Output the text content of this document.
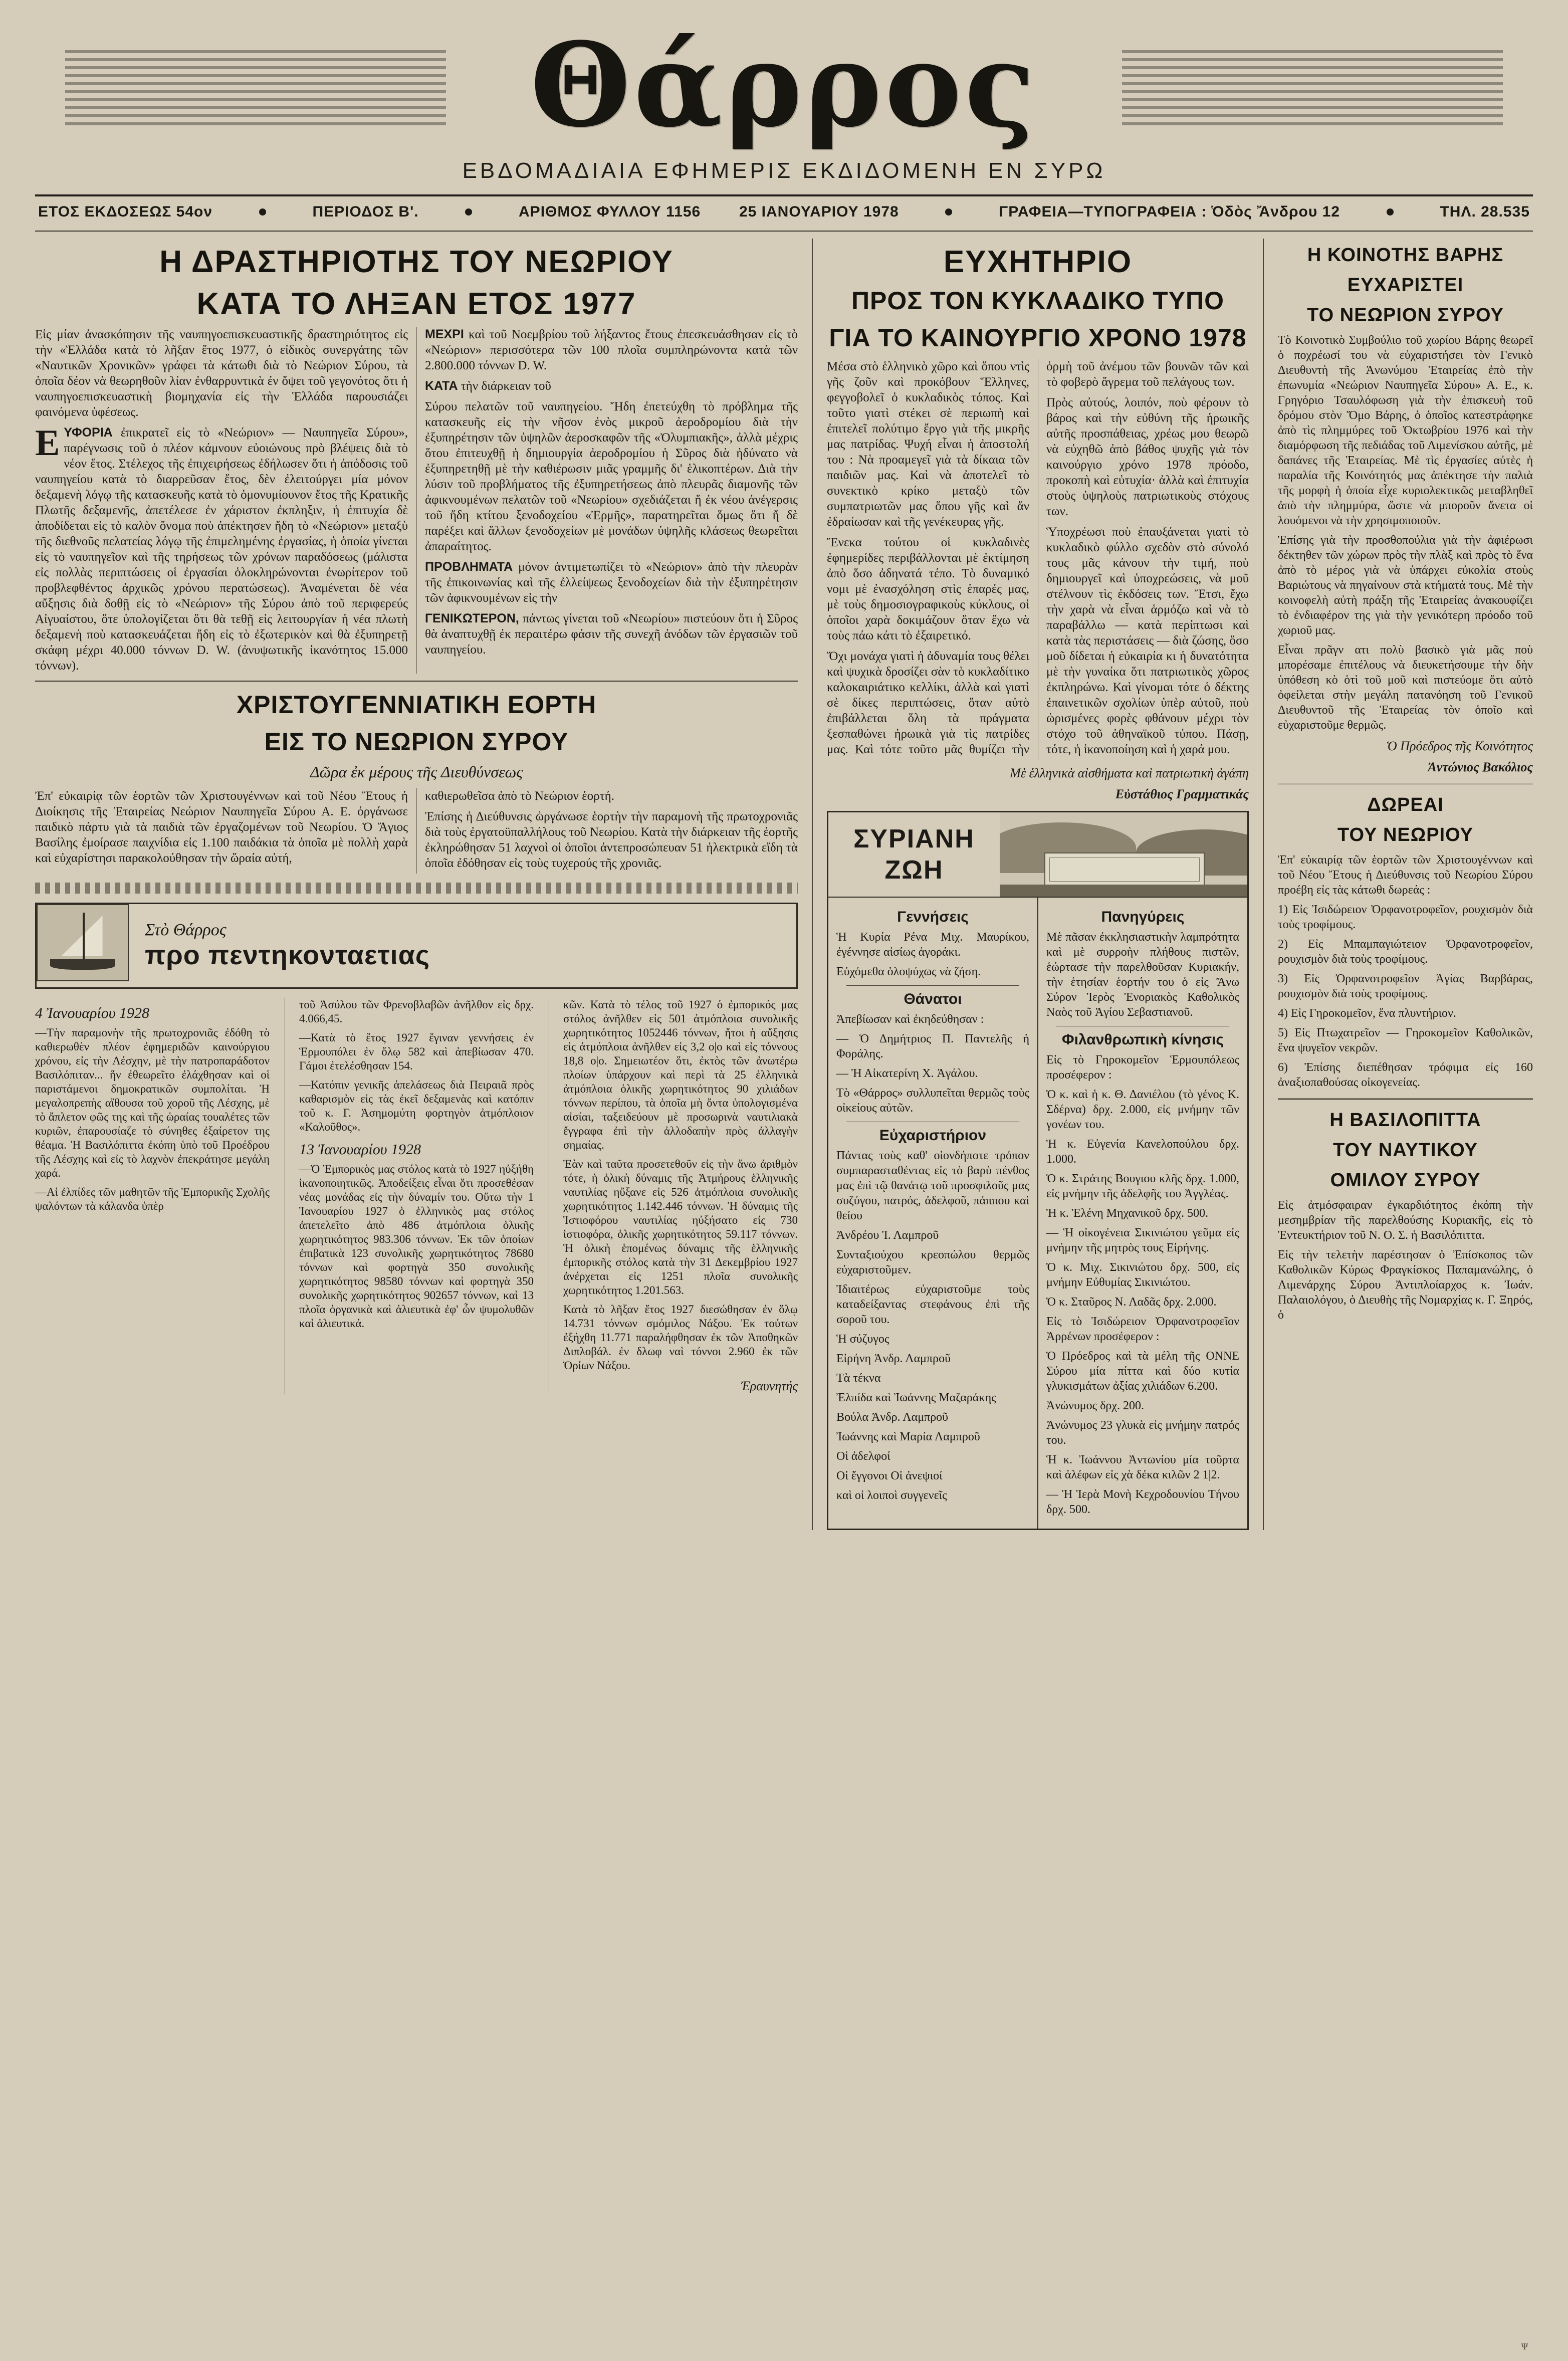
Θάρρος
ΕΒΔΟΜΑΔΙΑΙΑ ΕΦΗΜΕΡΙΣ ΕΚΔΙΔΟΜΕΝΗ ΕΝ ΣΥΡΩ
ΕΤΟΣ ΕΚΔΟΣΕΩΣ 54ον	ΠΕΡΙΟΔΟΣ Β'.	ΑΡΙΘΜΟΣ ΦΥΛΛΟΥ 1156	25 ΙΑΝΟΥΑΡΙΟΥ 1978	ΓΡΑΦΕΙΑ—ΤΥΠΟΓΡΑΦΕΙΑ : Ὁδὸς Ἄνδρου 12	ΤΗΛ. 28.535
Η ΔΡΑΣΤΗΡΙΟΤΗΣ ΤΟΥ ΝΕΩΡΙΟΥ
ΚΑΤΑ ΤΟ ΛΗΞΑΝ ΕΤΟΣ 1977

Εἰς μίαν ἀνασκόπησιν τῆς ναυπηγοεπισκευαστικῆς δραστηριότητος εἰς τὴν «Ἑλλάδα κατὰ τὸ λῆξαν ἔτος 1977, ὁ εἰδικὸς συνεργάτης τῶν «Ναυτικῶν Χρονικῶν» γράφει τὰ κάτωθι διὰ τὸ Νεώριον Σύρου, τὰ ὁποῖα δέον νὰ θεωρηθοῦν λίαν ἐνθαρρυντικὰ ἐν ὄψει τοῦ γεγονότος ὅτι ἡ ναυπηγοεπισκευαστικὴ βιομηχανία εἰς τὴν Ἑλλάδα παρουσιάζει φαινόμενα ὑφέσεως.

ΕΥΦΟΡΙΑ ἐπικρατεῖ εἰς τὸ «Νεώριον» — Ναυπηγεῖα Σύρου», παρέγνωσις τοῦ ὁ πλέον κάμνουν εὐοιώνους πρὸ βλέψεις διὰ τὸ νέον ἔτος. Στέλεχος τῆς ἐπιχειρήσεως ἐδήλωσεν ὅτι ἡ ἀπόδοσις τοῦ ναυπηγείου κατὰ τὸ διαρρεῦσαν ἔτος, δὲν ἐλειτούργει μία μόνον δεξαμενὴ λόγῳ τῆς κατασκευῆς κατὰ τὸ ὁμονυμίουνον ἔτος τῆς Κρατικῆς Πλωτῆς δεξαμενῆς, ἀπετέλεσε ἐν χάριστον ἐκπληξιν, ἡ ἐπιτυχία δὲ ἀποδίδεται εἰς τὸ καλὸν ὄνομα ποὺ ἀπέκτησεν ἤδη τὸ «Νεώριον» μεταξὺ τῆς διεθνοῦς πελατείας λόγῳ τῆς ἐπιμελημένης ἐργασίας, ἡ ὁποία γίνεται εἰς τὸ ναυπηγεῖον καὶ τῆς τηρήσεως τῶν χρόνων παραδόσεως (μάλιστα εἰς πολλὰς περιπτώσεις οἱ ἐργασίαι ὁλοκληρώνονται ἐνωρίτερον τοῦ προβλεφθέντος ἀρχικῶς χρόνου περατώσεως). Ἀναμένεται δὲ νέα αὔξησις διὰ δοθῇ εἰς τὸ «Νεώριον» τῆς Σύρου ἀπὸ τοῦ περιφερεύς Αἰγυαίστου, ὅτε ὑπολογίζεται ὅτι θὰ τεθῇ εἰς λειτουργίαν ἡ νέα πλωτὴ δεξαμενὴ ποὺ κατασκευάζεται ἤδη εἰς τὸ ἐξωτερικὸν καὶ θὰ ἐξυπηρετῇ σκάφη μέχρι 40.000 τόννων D. W. (ἀνυψωτικῆς ἱκανότητος 15.000 τόννων).

ΜΕΧΡΙ καὶ τοῦ Νοεμβρίου τοῦ λήξαντος ἔτους ἐπεσκευάσθησαν εἰς τὸ «Νεώριον» περισσότερα τῶν 100 πλοῖα συμπληρώνοντα κατὰ τῶν 2.800.000 τόννων D. W.

ΚΑΤΑ τὴν διάρκειαν τοῦ

Σύρου πελατῶν τοῦ ναυπηγείου. Ἤδη ἐπετεύχθη τὸ πρόβλημα τῆς κατασκευῆς εἰς τὴν νῆσον ἑνὸς μικροῦ ἀεροδρομίου διὰ τὴν ἐξυπηρέτησιν τῶν ὑψηλῶν ἀεροσκαφῶν τῆς «Ὀλυμπιακῆς», ἀλλὰ μέχρις ὅτου ἐπιτευχθῇ ἡ δημιουργία ἀεροδρομίου ἡ Σῦρος διὰ ἠδύνατο νὰ ἐξυπηρετηθῇ μὲ τὴν καθιέρωσιν μιᾶς γραμμῆς δι' ἑλικοπτέρων. Διὰ τὴν λύσιν τοῦ προβλήματος τῆς ἐξυπηρετήσεως ἀπὸ πλευρᾶς διαμονῆς τῶν ἀφικνουμένων πελατῶν τοῦ «Νεωρίου» σχεδιάζεται ἤ ἐκ νέου ἀνέγερσις τοῦ ἤδη κτίτου ξενοδοχείου «Ἑρμῆς», παρατηρεῖται ὅμως ὅτι ἤ δὲ παρέξει καὶ ἄλλων ξενοδοχείων μὲ μονάδων ὑψηλῆς κλάσεως θεωρεῖται ἀπαραίτητος.

ΠΡΟΒΛΗΜΑΤΑ μόνον ἀντιμετωπίζει τὸ «Νεώριον» ἀπὸ τὴν πλευρὰν τῆς ἐπικοινωνίας καὶ τῆς ἐλλείψεως ξενοδοχείων διὰ τὴν ἐξυπηρέτησιν τῶν ἀφικνουμένων εἰς τὴν

ΓΕΝΙΚΩΤΕΡΟΝ, πάντως γίνεται τοῦ «Νεωρίου» πιστεύουν ὅτι ἡ Σῦρος θὰ ἀναπτυχθῇ ἐκ περαιτέρω φάσιν τῆς συνεχῆ ἀνόδων τῶν ἐργασιῶν τοῦ ναυπηγείου.

ΧΡΙΣΤΟΥΓΕΝΝΙΑΤΙΚΗ ΕΟΡΤΗ
ΕΙΣ ΤΟ ΝΕΩΡΙΟΝ ΣΥΡΟΥ
Δῶρα ἐκ μέρους τῆς Διευθύνσεως

Ἐπ' εὐκαιρίᾳ τῶν ἑορτῶν τῶν Χριστουγέννων καὶ τοῦ Νέου Ἔτους ἡ Διοίκησις τῆς Ἑταιρείας Νεώριον Ναυπηγεῖα Σύρου Α. Ε. ὀργάνωσε παιδικὸ πάρτυ γιὰ τὰ παιδιὰ τῶν ἐργαζομένων τοῦ Νεωρίου. Ὁ Ἅγιος Βασίλης ἐμοίρασε παιχνίδια εἰς 1.100 παιδάκια τὰ ὁποῖα μὲ πολλὴ χαρὰ καὶ εὐχαρίστησι παρακολούθησαν τὴν ὥραία αὐτή,

καθιερωθεῖσα ἀπὸ τὸ Νεώριον ἑορτή.

Ἐπίσης ἡ Διεύθυνσις ὠργάνωσε ἑορτὴν τὴν παραμονὴ τῆς πρωτοχρονιᾶς διὰ τοὺς ἐργατοϋπαλλήλους τοῦ Νεωρίου. Κατὰ τὴν διάρκειαν τῆς ἑορτῆς ἐκληρώθησαν 51 λαχνοὶ οἱ ὁποῖοι ἀντεπροσώπευαν 51 ἠλεκτρικὰ εἴδη τὰ ὁποῖα ἐδόθησαν εἰς τοὺς τυχερούς τῆς χρονιᾶς.

Στὸ Θάρρος
προ πεντηκονταετιας
4 Ἰανουαρίου 1928

—Τὴν παραμονὴν τῆς πρωτοχρονιᾶς ἐδόθη τὸ καθιερωθὲν πλέον ἐφημεριδῶν καινούργιου χρόνου, εἰς τὴν Λέσχην, μὲ τὴν πατροπαράδοτον Βασιλόπιταν... ἥν ἐθεωρεῖτο ἐλάχθησαν καὶ οἱ παριστάμενοι δημοκρατικῶν συμπολίται. Ἡ μεγαλοπρεπὴς αἴθουσα τοῦ χοροῦ τῆς Λέσχης, μὲ τὸ ἄπλετον φῶς της καὶ τῆς ὡραίας τουαλέτες τῶν κυριῶν, ἐπαρουσίαζε τὸ σύνηθες ἐξαίρετον της θέαμα. Ἡ Βασιλόπιττα ἐκόπη ὑπὸ τοῦ Προέδρου τῆς Λέσχης καὶ εἰς τὸ λαχνὸν ἐπεκράτησε μεγάλη χαρά.

—Αἱ ἐλπίδες τῶν μαθητῶν τῆς Ἐμπορικῆς Σχολῆς ψαλόντων τὰ κάλανδα ὑπὲρ

τοῦ Ἀσύλου τῶν Φρενοβλαβῶν ἀνῆλθον εἰς δρχ. 4.066,45.

—Κατὰ τὸ ἔτος 1927 ἔγιναν γεννήσεις ἐν Ἑρμουπόλει ἐν ὅλῳ 582 καὶ ἀπεβίωσαν 470. Γάμοι ἐτελέσθησαν 154.

—Κατόπιν γενικῆς ἀπελάσεως διὰ Πειραιᾶ πρὸς καθαρισμὸν εἰς τὰς ἐκεῖ δεξαμενὰς καὶ κατόπιν τοῦ κ. Γ. Ἀσημομύτη φορτηγὸν ἀτμόπλοιον «Καλοῦθος».

13 Ἰανουαρίου 1928

—Ὁ Ἐμπορικὸς μας στόλος κατὰ τὸ 1927 ηὐξήθη ἱκανοποιητικῶς. Ἀποδείξεις εἶναι ὅτι προσεθέσαν νέας μονάδας εἰς τὴν δύναμίν του. Οὕτω τὴν 1 Ἰανουαρίου 1927 ὁ ἑλληνικὸς μας στόλος ἀπετελεῖτο ἀπὸ 486 ἀτμόπλοια ὁλικῆς χωρητικότητος 983.306 τόννων. Ἐκ τῶν ὁποίων ἐπιβατικὰ 123 συνολικῆς χωρητικότητος 78680 τόννων καὶ φορτηγὰ 350 συνολικῆς χωρητικότητος 98580 τόννων καὶ φορτηγὰ 350 συνολικῆς χωρητικότητος 902657 τόννων, καὶ 13 πλοῖα ὀργανικὰ καὶ ἀλιευτικὰ ἐφ' ὧν ψυμολυθῶν καὶ ἀλιευτικά.

κῶν. Κατὰ τὸ τέλος τοῦ 1927 ὁ ἐμπορικός μας στόλος ἀνῆλθεν εἰς 501 ἀτμόπλοια συνολικῆς χωρητικότητος 1052446 τόννων, ἤτοι ἡ αὔξησις εἰς ἀτμόπλοια ἀνῆλθεν εἰς 3,2 ο|ο καὶ εἰς τόννους 18,8 ο|ο. Σημειωτέον ὅτι, ἐκτὸς τῶν ἀνωτέρω πλοίων ὑπάρχουν καὶ περὶ τὰ 25 ἑλληνικὰ ἀτμόπλοια ὁλικῆς χωρητικότητος 90 χιλιάδων τόννων περίπου, τὰ ὁποῖα μὴ ὄντα ὑπολογισμένα αἰσίαι, ταξειδεύουν μὲ προσωρινὰ ναυτιλιακὰ ἔγγραφα ἐπὶ τὴν ἀλλοδαπὴν πρὸς ἀλλαγὴν σημαίας.

Ἐὰν καὶ ταῦτα προσετεθοῦν εἰς τὴν ἄνω ἀριθμὸν τότε, ἡ ὁλικὴ δύναμις τῆς Ἀτμήρους ἑλληνικῆς ναυτιλίας ηὔξανε εἰς 526 ἀτμόπλοια συνολικῆς χωρητικότητος 1.142.446 τόννων. Ἡ δύναμις τῆς Ἱστιοφόρου ναυτιλίας ηὐξήσατο εἰς 730 ἱστιοφόρα, ὁλικῆς χωρητικότητος 59.117 τόννων. Ἡ ὁλικὴ ἑπομένως δύναμις τῆς ἑλληνικῆς ἐμπορικῆς στόλος κατὰ τὴν 31 Δεκεμβρίου 1927 ἀνέρχεται εἰς 1251 πλοῖα συνολικῆς χωρητικότητος 1.201.563.

Κατὰ τὸ λῆξαν ἔτος 1927 διεσώθησαν ἐν ὅλῳ 14.731 τόννων σμόμιλος Νάξου. Ἐκ τούτων ἐξήχθη 11.771 παραλήφθησαν ἐκ τῶν Ἀποθηκῶν Διπλοβάλ. ἐν δλωφ ναὶ τόννοι 2.960 ἐκ τῶν Ὁρίων Νάξου.

Ἐραυνητής
ΕΥΧΗΤΗΡΙΟ
ΠΡΟΣ ΤΟΝ ΚΥΚΛΑΔΙΚΟ ΤΥΠΟ
ΓΙΑ ΤΟ ΚΑΙΝΟΥΡΓΙΟ ΧΡΟΝΟ 1978

Μέσα στὸ ἑλληνικὸ χῶρο καὶ ὅπου ντὶς γῆς ζοῦν καὶ προκόβουν Ἕλληνες, φεγγοβολεῖ ὁ κυκλαδικὸς τόπος. Καὶ τοῦτο γιατὶ στέκει σὲ περιωπὴ καὶ ἐπιτελεῖ πολύτιμο ἔργο γιὰ τῆς μικρῆς μας πατρίδας. Ψυχή εἶναι ἡ ἀποστολή του : Νὰ προαμεγεῖ γιὰ τὰ δίκαια τῶν παιδιῶν μας. Καὶ νὰ ἀποτελεῖ τὸ συνεκτικὸ κρίκο μεταξὺ τῶν συμπατριωτῶν μας ὅπου γῆς καὶ ἄν ἐδραίωσαν καὶ τῆς γενέκευρας γῆς.

Ἔνεκα τούτου οἱ κυκλαδινὲς ἐφημερίδες περιβάλλονται μὲ ἐκτίμηση ἀπὸ ὅσο ἀδηνατά τέπο. Τὸ δυναμικό νομι μὲ ἐνασχόληση στὶς ἑπαρές μας, μὲ τοὺς δημοσιογραφικοὺς κύκλους, οἱ ὁποῖοι χαρὰ δοκιμάζουν ὅταν ἔχω νὰ τοὺς πάω κάτι τὸ ἐξαιρετικό.

Ὅχι μονάχα γιατὶ ἡ ἀδυναμία τους θέλει καὶ ψυχικὰ δροσίζει σὰν τὸ κυκλαδίτικο καλοκαιριάτικο κελλίκι, ἀλλὰ καὶ γιατὶ σὲ δίκες περιπτώσεις, ὅταν αὐτὸ ἐπιβάλλεται ὅλη τὰ πράγματα ξεσπαθώνει ἡρωικὰ γιὰ τὶς πατρίδες μας. Καὶ τότε τοῦτο μᾶς θυμίζει τὴν ὁρμὴ τοῦ ἀνέμου τῶν βουνῶν τῶν καὶ τὸ φοβερὸ ἄγρεμα τοῦ πελάγους των.

Πρὸς αὐτούς, λοιπόν, ποὺ φέρουν τὸ βάρος καὶ τὴν εὐθύνη τῆς ἡρωικῆς αὐτῆς προσπάθειας, χρέως μου θεωρῶ νὰ εὐχηθῶ ἀπὸ βάθος ψυχῆς γιὰ τὸν καινούργιο χρόνο 1978 πρόοδο, προκοπὴ καὶ εὐτυχία· ἀλλὰ καὶ ἐπιτυχία στοὺς ὑψηλοὺς πατριωτικοὺς στόχους των.

Ὑποχρέωσι ποὺ ἐπαυξάνεται γιατὶ τὸ κυκλαδικὸ φύλλο σχεδὸν στὸ σύνολό τους μᾶς κάνουν τὴν τιμή, ποὺ δημιουργεῖ καὶ ὑποχρεώσεις, νὰ μοῦ στέλνουν τὶς ἐκδόσεις των. Ἔτσι, ἔχω τὴν χαρὰ νὰ εἶναι ἁρμόζω καὶ νὰ τὸ παραβάλλω — κατὰ περίπτωσι καὶ κατὰ τὰς περιστάσεις — διὰ ζώσης, ὅσο μοῦ δίδεται ἡ εὐκαιρία κι ἡ δυνατότητα μὲ τὴν γυναίκα ὅτι πατριωτικὸς χῶρος ἐκπληρώνω. Καὶ γίνομαι τότε ὁ δέκτης ἐπαινετικῶν σχολίων ὑπὲρ αὐτοῦ, ποὺ ὡρισμένες φορὲς φθάνουν μέχρι τὸν στόχο τοῦ ἀθηναϊκοῦ τύπου. Πάσῃ, τότε, ἡ ἱκανοποίηση καὶ ἡ χαρά μου.

Μὲ ἑλληνικὰ αἰσθήματα καὶ πατριωτικὴ ἀγάπη
Εὐστάθιος Γραμματικάς
ΣΥΡΙΑΝΗ
ΖΩΗ
Γεννήσεις

Ἡ Κυρία Ρένα Μιχ. Μαυρίκου, ἐγέννησε αἰσίως ἀγοράκι.

Εὐχόμεθα ὁλοψύχως νὰ ζήση.

Θάνατοι

Ἀπεβίωσαν καὶ ἐκηδεύθησαν :

— Ὁ Δημήτριος Π. Παντελῆς ἡ Φοράλης.

— Ἡ Αἰκατερίνη Χ. Ἀγάλου.

Τὸ «Θάρρος» συλλυπεῖται θερμῶς τοὺς οἰκείους αὐτῶν.

Εὐχαριστήριον

Πάντας τοὺς καθ' οἱονδήποτε τρόπον συμπαρασταθέντας εἰς τὸ βαρὺ πένθος μας ἐπὶ τῷ θανάτῳ τοῦ προσφιλοῦς μας συζύγου, πατρός, ἀδελφοῦ, πάππου καὶ θείου

Ἀνδρέου Ἰ. Λαμπροῦ

Συνταξιούχου κρεοπώλου θερμῶς εὐχαριστοῦμεν.

Ἰδιαιτέρως εὐχαριστοῦμε τοὺς καταδείξαντας στεφάνους ἐπὶ τῆς σοροῦ του.

Ἡ σύζυγος

Εἰρήνη Ἀνδρ. Λαμπροῦ

Τὰ τέκνα

Ἐλπίδα καὶ Ἰωάννης Μαζαράκης

Βούλα Ἀνδρ. Λαμπροῦ

Ἰωάννης καὶ Μαρία Λαμπροῦ

Οἱ ἀδελφοί

Οἱ ἔγγονοι Οἱ ἀνεψιοί

καὶ οἱ λοιποὶ συγγενεῖς

Πανηγύρεις

Μὲ πᾶσαν ἐκκλησιαστικὴν λαμπρότητα καὶ μὲ συρροὴν πλήθους πιστῶν, ἑώρτασε τὴν παρελθοῦσαν Κυριακήν, τὴν ἑτησίαν ἑορτήν του ὁ εἰς Ἄνω Σύρον Ἱερὸς Ἐνοριακὸς Καθολικὸς Ναὸς τοῦ Ἁγίου Σεβαστιανοῦ.

Φιλανθρωπικὴ κίνησις

Εἰς τὸ Γηροκομεῖον Ἑρμουπόλεως προσέφερον :

Ὁ κ. καὶ ἡ κ. Θ. Δανιέλου (τὸ γένος Κ. Σδέρνα) δρχ. 2.000, εἰς μνήμην τῶν γονέων του.

Ἡ κ. Εὐγενία Κανελοπούλου δρχ. 1.000.

Ὁ κ. Στράτης Βουγιου κλῆς δρχ. 1.000, εἰς μνήμην τῆς ἀδελφῆς του Ἀγγλέας.

Ἡ κ. Ἑλένη Μηχανικοῦ δρχ. 500.

— Ἡ οἰκογένεια Σικινιώτου γεῦμα εἰς μνήμην τῆς μητρὸς τους Εἰρήνης.

Ὁ κ. Μιχ. Σικινιώτου δρχ. 500, εἰς μνήμην Εὐθυμίας Σικινιώτου.

Ὁ κ. Σταῦρος Ν. Λαδᾶς δρχ. 2.000.

Εἰς τὸ Ἰσιδώρειον Ὀρφανοτροφεῖον Ἀρρένων προσέφερον :

Ὁ Πρόεδρος καὶ τὰ μέλη τῆς ΟΝΝΕ Σύρου μία πίττα καὶ δύο κυτία γλυκισμάτων ἀξίας χιλιάδων 6.200.

Ἀνώνυμος δρχ. 200.

Ἀνώνυμος 23 γλυκὰ εἰς μνήμην πατρός του.

Ἡ κ. Ἰωάννου Ἀντωνίου μία τοῦρτα καὶ ἀλέφων εἰς χὰ δέκα κιλῶν 2 1|2.

— Ἡ Ἱερὰ Μονὴ Κεχροδουνίου Τήνου δρχ. 500.

Η ΚΟΙΝΟΤΗΣ ΒΑΡΗΣ
ΕΥΧΑΡΙΣΤΕΙ
ΤΟ ΝΕΩΡΙΟΝ ΣΥΡΟΥ

Τὸ Κοινοτικὸ Συμβούλιο τοῦ χωρίου Βάρης θεωρεῖ ὁ ποχρέωσί του νὰ εὐχαριστήσει τὸν Γενικὸ Διευθυντὴ τῆς Ἀνωνύμου Ἑταιρείας ἐπὸ τὴν ἐπωνυμία «Νεώριον Ναυπηγεῖα Σύρου» Α. Ε., κ. Γρηγόριο Τσαυλόφωση γιὰ τὴν ἐπισκευὴ τοῦ δρόμου στὸν Ὅμο Βάρης, ὁ ὁποῖος κατεστράφηκε ἀπὸ τὶς πλημμύρες τοῦ Ὀκτωβρίου 1976 καὶ τὴν διαμόρφωση τῆς πεδιάδας τοῦ Λιμενίσκου αὐτῆς, μὲ δαπάνες τῆς Ἑταιρείας. Μὲ τὶς ἐργασίες αὐτὲς ἡ παραλία τῆς Κοινότητός μας ἀπέκτησε τὴν παλιὰ τῆς μορφὴ ἡ ὁποία εἶχε κυριολεκτικῶς μεταβληθεῖ ἀπὸ τὴν πλημμύρα, ὥστε νὰ μποροῦν ἄνετα οἱ λουόμενοι νὰ τὴν χρησιμοποιοῦν.

Ἐπίσης γιὰ τὴν προσθοπούλια γιὰ τὴν ἀφιέρωσι δέκτηθεν τῶν χώρων πρὸς τὴν πλὰξ καὶ πρὸς τὸ ἕνα ἀπὸ τὸ μέρος γιὰ νὰ ὑπάρχει εὐκολία στοὺς Βαριώτους νὰ πηγαίνουν στὰ κτήματά τους. Μὲ τὴν κοινοφελὴ αὐτὴ πράξη τῆς Ἑταιρείας ἀνακουφίζει τὸ ἐνδιαφέρον της γιὰ τὴν γενικότερη πρόοδο τοῦ χωριοῦ μας.

Εἶναι πρᾶγν ατι πολὺ βασικὸ γιὰ μᾶς ποὺ μπορέσαμε ἐπιτέλους νὰ διευκετήσουμε τὴν δὴν ὑπόθεση κὸ ὁτὶ τοῦ μοῦ καὶ πιστεύομε ὅτι αὐτὸ ὀφείλεται στὴν μεγάλη πατανόηση τοῦ Γενικοῦ Διευθυντοῦ τῆς Ἑταιρείας τὸν ὁποῖο καὶ εὐχαριστοῦμε θερμῶς.

Ὁ Πρόεδρος τῆς Κοινότητος
Ἀντώνιος Βακόλιος
ΔΩΡΕΑΙ
ΤΟΥ ΝΕΩΡΙΟΥ

Ἐπ' εὐκαιρίᾳ τῶν ἑορτῶν τῶν Χριστουγέννων καὶ τοῦ Νέου Ἔτους ἡ Διεύθυνσις τοῦ Νεωρίου Σύρου προέβη εἰς τὰς κάτωθι δωρεάς :

1) Εἰς Ἰσιδώρειον Ὀρφανοτροφεῖον, ρουχισμὸν διὰ τοὺς τροφίμους.

2) Εἰς Μπαμπαγιώτειον Ὀρφανοτροφεῖον, ρουχισμὸν διὰ τοὺς τροφίμους.

3) Εἰς Ὀρφανοτροφεῖον Ἁγίας Βαρβάρας, ρουχισμὸν διὰ τοὺς τροφίμους.

4) Εἰς Γηροκομεῖον, ἕνα πλυντήριον.

5) Εἰς Πτωχατρεῖον — Γηροκομεῖον Καθολικῶν, ἕνα ψυγεῖον νεκρῶν.

6) Ἐπίσης διεπέθησαν τρόφιμα εἰς 160 ἀναξιοπαθούσας οἰκογενείας.

Η ΒΑΣΙΛΟΠΙΤΤΑ
ΤΟΥ ΝΑΥΤΙΚΟΥ
ΟΜΙΛΟΥ ΣΥΡΟΥ

Εἰς ἀτμόσφαιραν ἐγκαρδιότητος ἐκόπη τὴν μεσημβρίαν τῆς παρελθούσης Κυριακῆς, εἰς τὸ Ἐντευκτήριον τοῦ Ν. Ο. Σ. ἡ Βασιλόπιττα.

Εἰς τὴν τελετὴν παρέστησαν ὁ Ἐπίσκοπος τῶν Καθολικῶν Κύρως Φραγκίσκος Παπαμανώλης, ὁ Λιμενάρχης Σύρου Ἀντιπλοίαρχος κ. Ἰωάν. Παλαιολόγου, ὁ Διευθὴς τῆς Νομαρχίας κ. Γ. Ξηρός, ὁ

Ψ
